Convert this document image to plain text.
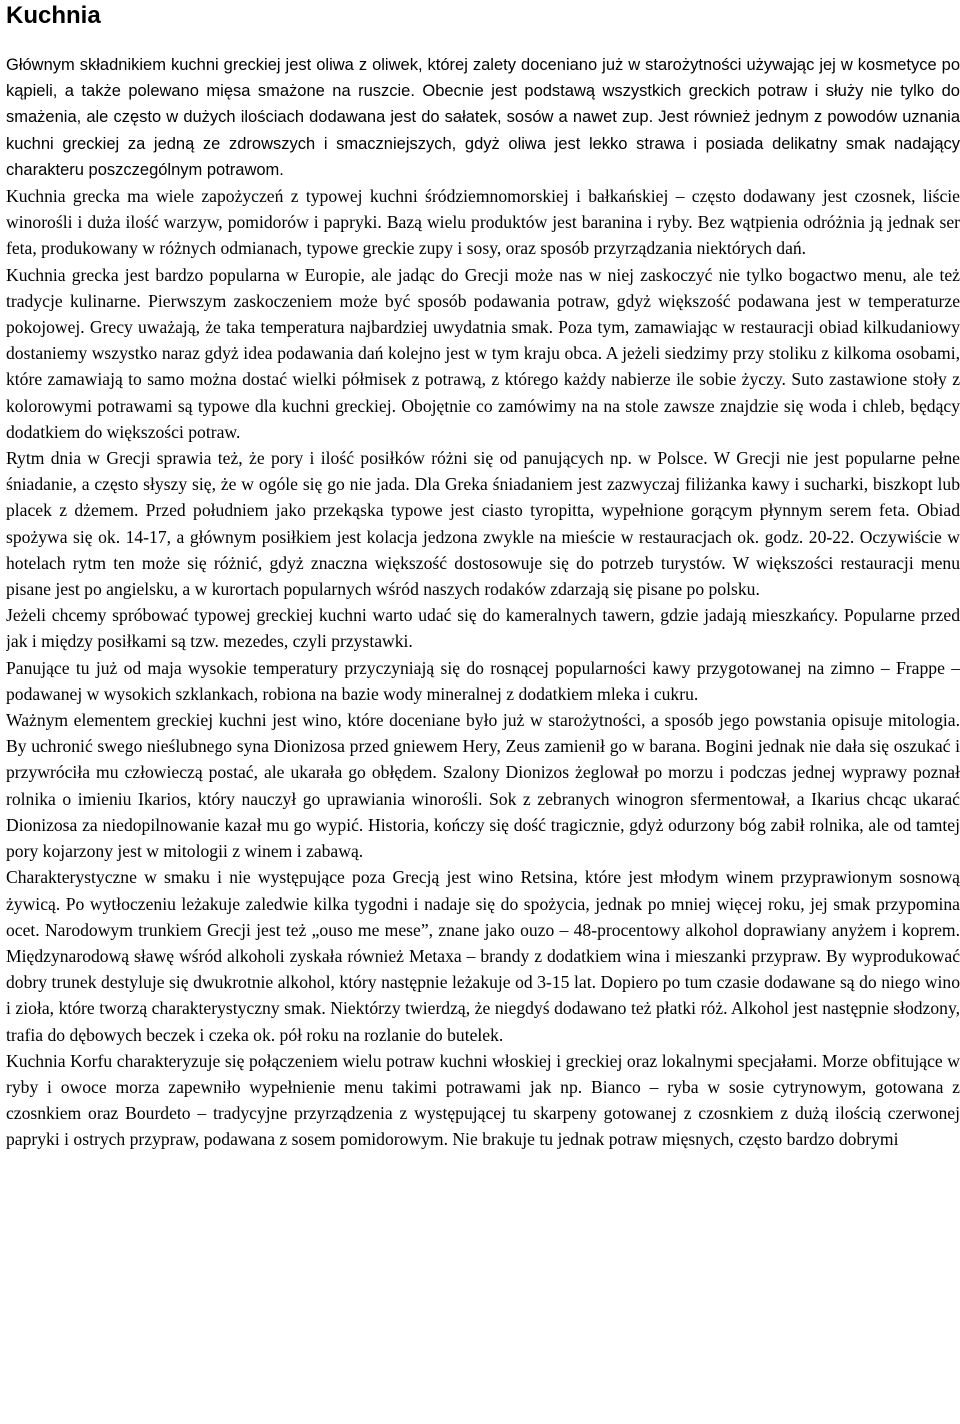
Kuchnia

Głównym składnikiem kuchni greckiej jest oliwa z oliwek, której zalety doceniano już w starożytności używając jej w kosmetyce po kąpieli, a także polewano mięsa smażone na ruszcie. Obecnie jest podstawą wszystkich greckich potraw i służy nie tylko do smażenia, ale często w dużych ilościach dodawana jest do sałatek, sosów a nawet zup. Jest również jednym z powodów uznania kuchni greckiej za jedną ze zdrowszych i smaczniejszych, gdyż oliwa jest lekko strawa i posiada delikatny smak nadający charakteru poszczególnym potrawom.

Kuchnia grecka ma wiele zapożyczeń z typowej kuchni śródziemnomorskiej i bałkańskiej – często dodawany jest czosnek, liście winorośli i duża ilość warzyw, pomidorów i papryki. Bazą wielu produktów jest baranina i ryby. Bez wątpienia odróżnia ją jednak ser feta, produkowany w różnych odmianach, typowe greckie zupy i sosy, oraz sposób przyrządzania niektórych dań.

Kuchnia grecka jest bardzo popularna w Europie, ale jadąc do Grecji może nas w niej zaskoczyć nie tylko bogactwo menu, ale też tradycje kulinarne. Pierwszym zaskoczeniem może być sposób podawania potraw, gdyż większość podawana jest w temperaturze pokojowej. Grecy uważają, że taka temperatura najbardziej uwydatnia smak. Poza tym, zamawiając w restauracji obiad kilkudaniowy dostaniemy wszystko naraz gdyż idea podawania dań kolejno jest w tym kraju obca. A jeżeli siedzimy przy stoliku z kilkoma osobami, które zamawiają to samo można dostać wielki półmisek z potrawą, z którego każdy nabierze ile sobie życzy. Suto zastawione stoły z kolorowymi potrawami są typowe dla kuchni greckiej. Obojętnie co zamówimy na na stole zawsze znajdzie się woda i chleb, będący dodatkiem do większości potraw.

Rytm dnia w Grecji sprawia też, że pory i ilość posiłków różni się od panujących np. w Polsce. W Grecji nie jest popularne pełne śniadanie, a często słyszy się, że w ogóle się go nie jada. Dla Greka śniadaniem jest zazwyczaj filiżanka kawy i sucharki, biszkopt lub placek z dżemem. Przed południem jako przekąska typowe jest ciasto tyropitta, wypełnione gorącym płynnym serem feta. Obiad spożywa się ok. 14-17, a głównym posiłkiem jest kolacja jedzona zwykle na mieście w restauracjach ok. godz. 20-22. Oczywiście w hotelach rytm ten może się różnić, gdyż znaczna większość dostosowuje się do potrzeb turystów. W większości restauracji menu pisane jest po angielsku, a w kurortach popularnych wśród naszych rodaków zdarzają się pisane po polsku.

Jeżeli chcemy spróbować typowej greckiej kuchni warto udać się do kameralnych tawern, gdzie jadają mieszkańcy. Popularne przed jak i między posiłkami są tzw. mezedes, czyli przystawki.

Panujące tu już od maja wysokie temperatury przyczyniają się do rosnącej popularności kawy przygotowanej na zimno – Frappe – podawanej w wysokich szklankach, robiona na bazie wody mineralnej z dodatkiem mleka i cukru.

Ważnym elementem greckiej kuchni jest wino, które doceniane było już w starożytności, a sposób jego powstania opisuje mitologia. By uchronić swego nieślubnego syna Dionizosa przed gniewem Hery, Zeus zamienił go w barana. Bogini jednak nie dała się oszukać i przywróciła mu człowieczą postać, ale ukarała go obłędem. Szalony Dionizos żeglował po morzu i podczas jednej wyprawy poznał rolnika o imieniu Ikarios, który nauczył go uprawiania winorośli. Sok z zebranych winogron sfermentował, a Ikarius chcąc ukarać Dionizosa za niedopilnowanie kazał mu go wypić. Historia, kończy się dość tragicznie, gdyż odurzony bóg zabił rolnika, ale od tamtej pory kojarzony jest w mitologii z winem i zabawą.

Charakterystyczne w smaku i nie występujące poza Grecją jest wino Retsina, które jest młodym winem przyprawionym sosnową żywicą. Po wytłoczeniu leżakuje zaledwie kilka tygodni i nadaje się do spożycia, jednak po mniej więcej roku, jej smak przypomina ocet. Narodowym trunkiem Grecji jest też „ouso me mese”, znane jako ouzo – 48-procentowy alkohol doprawiany anyżem i koprem. Międzynarodową sławę wśród alkoholi zyskała również Metaxa – brandy z dodatkiem wina i mieszanki przypraw. By wyprodukować dobry trunek destyluje się dwukrotnie alkohol, który następnie leżakuje od 3-15 lat. Dopiero po tum czasie dodawane są do niego wino i zioła, które tworzą charakterystyczny smak. Niektórzy twierdzą, że niegdyś dodawano też płatki róż. Alkohol jest następnie słodzony, trafia do dębowych beczek i czeka ok. pół roku na rozlanie do butelek.

Kuchnia Korfu charakteryzuje się połączeniem wielu potraw kuchni włoskiej i greckiej oraz lokalnymi specjałami. Morze obfitujące w ryby i owoce morza zapewniło wypełnienie menu takimi potrawami jak np. Bianco – ryba w sosie cytrynowym, gotowana z czosnkiem oraz Bourdeto – tradycyjne przyrządzenia z występującej tu skarpeny gotowanej z czosnkiem z dużą ilością czerwonej papryki i ostrych przypraw, podawana z sosem pomidorowym. Nie brakuje tu jednak potraw mięsnych, często bardzo dobrymi
